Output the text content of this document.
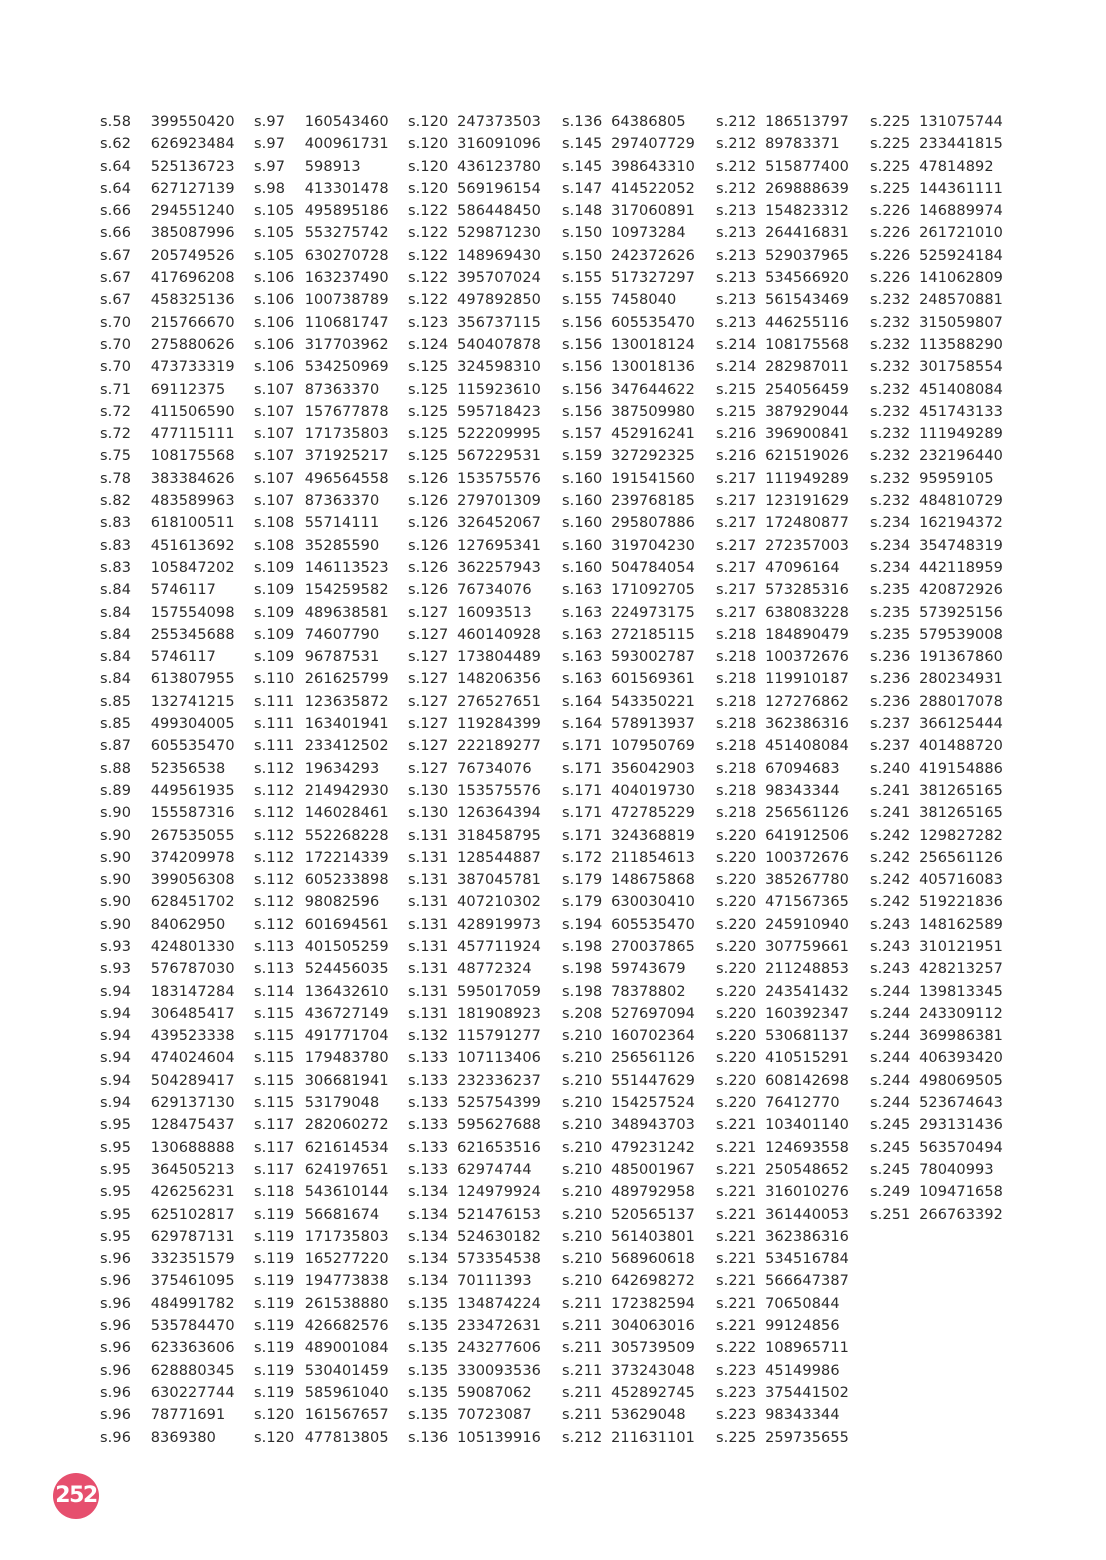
s.58 399550420
s.62 626923484
s.64 525136723
s.64 627127139
s.66 294551240
s.66 385087996
s.67 205749526
s.67 417696208
s.67 458325136
s.70 215766670
s.70 275880626
s.70 473733319
s.71 69112375
s.72 411506590
s.72 477115111
s.75 108175568
s.78 383384626
s.82 483589963
s.83 618100511
s.83 451613692
s.83 105847202
s.84 5746117
s.84 157554098
s.84 255345688
s.84 5746117
s.84 613807955
s.85 132741215
s.85 499304005
s.87 605535470
s.88 52356538
s.89 449561935
s.90 155587316
s.90 267535055
s.90 374209978
s.90 399056308
s.90 628451702
s.90 84062950
s.93 424801330
s.93 576787030
s.94 183147284
s.94 306485417
s.94 439523338
s.94 474024604
s.94 504289417
s.94 629137130
s.95 128475437
s.95 130688888
s.95 364505213
s.95 426256231
s.95 625102817
s.95 629787131
s.96 332351579
s.96 375461095
s.96 484991782
s.96 535784470
s.96 623363606
s.96 628880345
s.96 630227744
s.96 78771691
s.96 8369380
s.97 160543460
s.97 400961731
s.97 598913
s.98 413301478
s.105 495895186
s.105 553275742
s.105 630270728
s.106 163237490
s.106 100738789
s.106 110681747
s.106 317703962
s.106 534250969
s.107 87363370
s.107 157677878
s.107 171735803
s.107 371925217
s.107 496564558
s.107 87363370
s.108 55714111
s.108 35285590
s.109 146113523
s.109 154259582
s.109 489638581
s.109 74607790
s.109 96787531
s.110 261625799
s.111 123635872
s.111 163401941
s.111 233412502
s.112 19634293
s.112 214942930
s.112 146028461
s.112 552268228
s.112 172214339
s.112 605233898
s.112 98082596
s.112 601694561
s.113 401505259
s.113 524456035
s.114 136432610
s.115 436727149
s.115 491771704
s.115 179483780
s.115 306681941
s.115 53179048
s.117 282060272
s.117 621614534
s.117 624197651
s.118 543610144
s.119 56681674
s.119 171735803
s.119 165277220
s.119 194773838
s.119 261538880
s.119 426682576
s.119 489001084
s.119 530401459
s.119 585961040
s.120 161567657
s.120 477813805
s.120 247373503
s.120 316091096
s.120 436123780
s.120 569196154
s.122 586448450
s.122 529871230
s.122 148969430
s.122 395707024
s.122 497892850
s.123 356737115
s.124 540407878
s.125 324598310
s.125 115923610
s.125 595718423
s.125 522209995
s.125 567229531
s.126 153575576
s.126 279701309
s.126 326452067
s.126 127695341
s.126 362257943
s.126 76734076
s.127 16093513
s.127 460140928
s.127 173804489
s.127 148206356
s.127 276527651
s.127 119284399
s.127 222189277
s.127 76734076
s.130 153575576
s.130 126364394
s.131 318458795
s.131 128544887
s.131 387045781
s.131 407210302
s.131 428919973
s.131 457711924
s.131 48772324
s.131 595017059
s.131 181908923
s.132 115791277
s.133 107113406
s.133 232336237
s.133 525754399
s.133 595627688
s.133 621653516
s.133 62974744
s.134 124979924
s.134 521476153
s.134 524630182
s.134 573354538
s.134 70111393
s.135 134874224
s.135 233472631
s.135 243277606
s.135 330093536
s.135 59087062
s.135 70723087
s.136 105139916
s.136 64386805
s.145 297407729
s.145 398643310
s.147 414522052
s.148 317060891
s.150 10973284
s.150 242372626
s.155 517327297
s.155 7458040
s.156 605535470
s.156 130018124
s.156 130018136
s.156 347644622
s.156 387509980
s.157 452916241
s.159 327292325
s.160 191541560
s.160 239768185
s.160 295807886
s.160 319704230
s.160 504784054
s.163 171092705
s.163 224973175
s.163 272185115
s.163 593002787
s.163 601569361
s.164 543350221
s.164 578913937
s.171 107950769
s.171 356042903
s.171 404019730
s.171 472785229
s.171 324368819
s.172 211854613
s.179 148675868
s.179 630030410
s.194 605535470
s.198 270037865
s.198 59743679
s.198 78378802
s.208 527697094
s.210 160702364
s.210 256561126
s.210 551447629
s.210 154257524
s.210 348943703
s.210 479231242
s.210 485001967
s.210 489792958
s.210 520565137
s.210 561403801
s.210 568960618
s.210 642698272
s.211 172382594
s.211 304063016
s.211 305739509
s.211 373243048
s.211 452892745
s.211 53629048
s.212 211631101
s.212 186513797
s.212 89783371
s.212 515877400
s.212 269888639
s.213 154823312
s.213 264416831
s.213 529037965
s.213 534566920
s.213 561543469
s.213 446255116
s.214 108175568
s.214 282987011
s.215 254056459
s.215 387929044
s.216 396900841
s.216 621519026
s.217 111949289
s.217 123191629
s.217 172480877
s.217 272357003
s.217 47096164
s.217 573285316
s.217 638083228
s.218 184890479
s.218 100372676
s.218 119910187
s.218 127276862
s.218 362386316
s.218 451408084
s.218 67094683
s.218 98343344
s.218 256561126
s.220 641912506
s.220 100372676
s.220 385267780
s.220 471567365
s.220 245910940
s.220 307759661
s.220 211248853
s.220 243541432
s.220 160392347
s.220 530681137
s.220 410515291
s.220 608142698
s.220 76412770
s.221 103401140
s.221 124693558
s.221 250548652
s.221 316010276
s.221 361440053
s.221 362386316
s.221 534516784
s.221 566647387
s.221 70650844
s.221 99124856
s.222 108965711
s.223 45149986
s.223 375441502
s.223 98343344
s.225 259735655
s.225 131075744
s.225 233441815
s.225 47814892
s.225 144361111
s.226 146889974
s.226 261721010
s.226 525924184
s.226 141062809
s.232 248570881
s.232 315059807
s.232 113588290
s.232 301758554
s.232 451408084
s.232 451743133
s.232 111949289
s.232 232196440
s.232 95959105
s.232 484810729
s.234 162194372
s.234 354748319
s.234 442118959
s.235 420872926
s.235 573925156
s.235 579539008
s.236 191367860
s.236 280234931
s.236 288017078
s.237 366125444
s.237 401488720
s.240 419154886
s.241 381265165
s.241 381265165
s.242 129827282
s.242 256561126
s.242 405716083
s.242 519221836
s.243 148162589
s.243 310121951
s.243 428213257
s.244 139813345
s.244 243309112
s.244 369986381
s.244 406393420
s.244 498069505
s.244 523674643
s.245 293131436
s.245 563570494
s.245 78040993
s.249 109471658
s.251 266763392
252
